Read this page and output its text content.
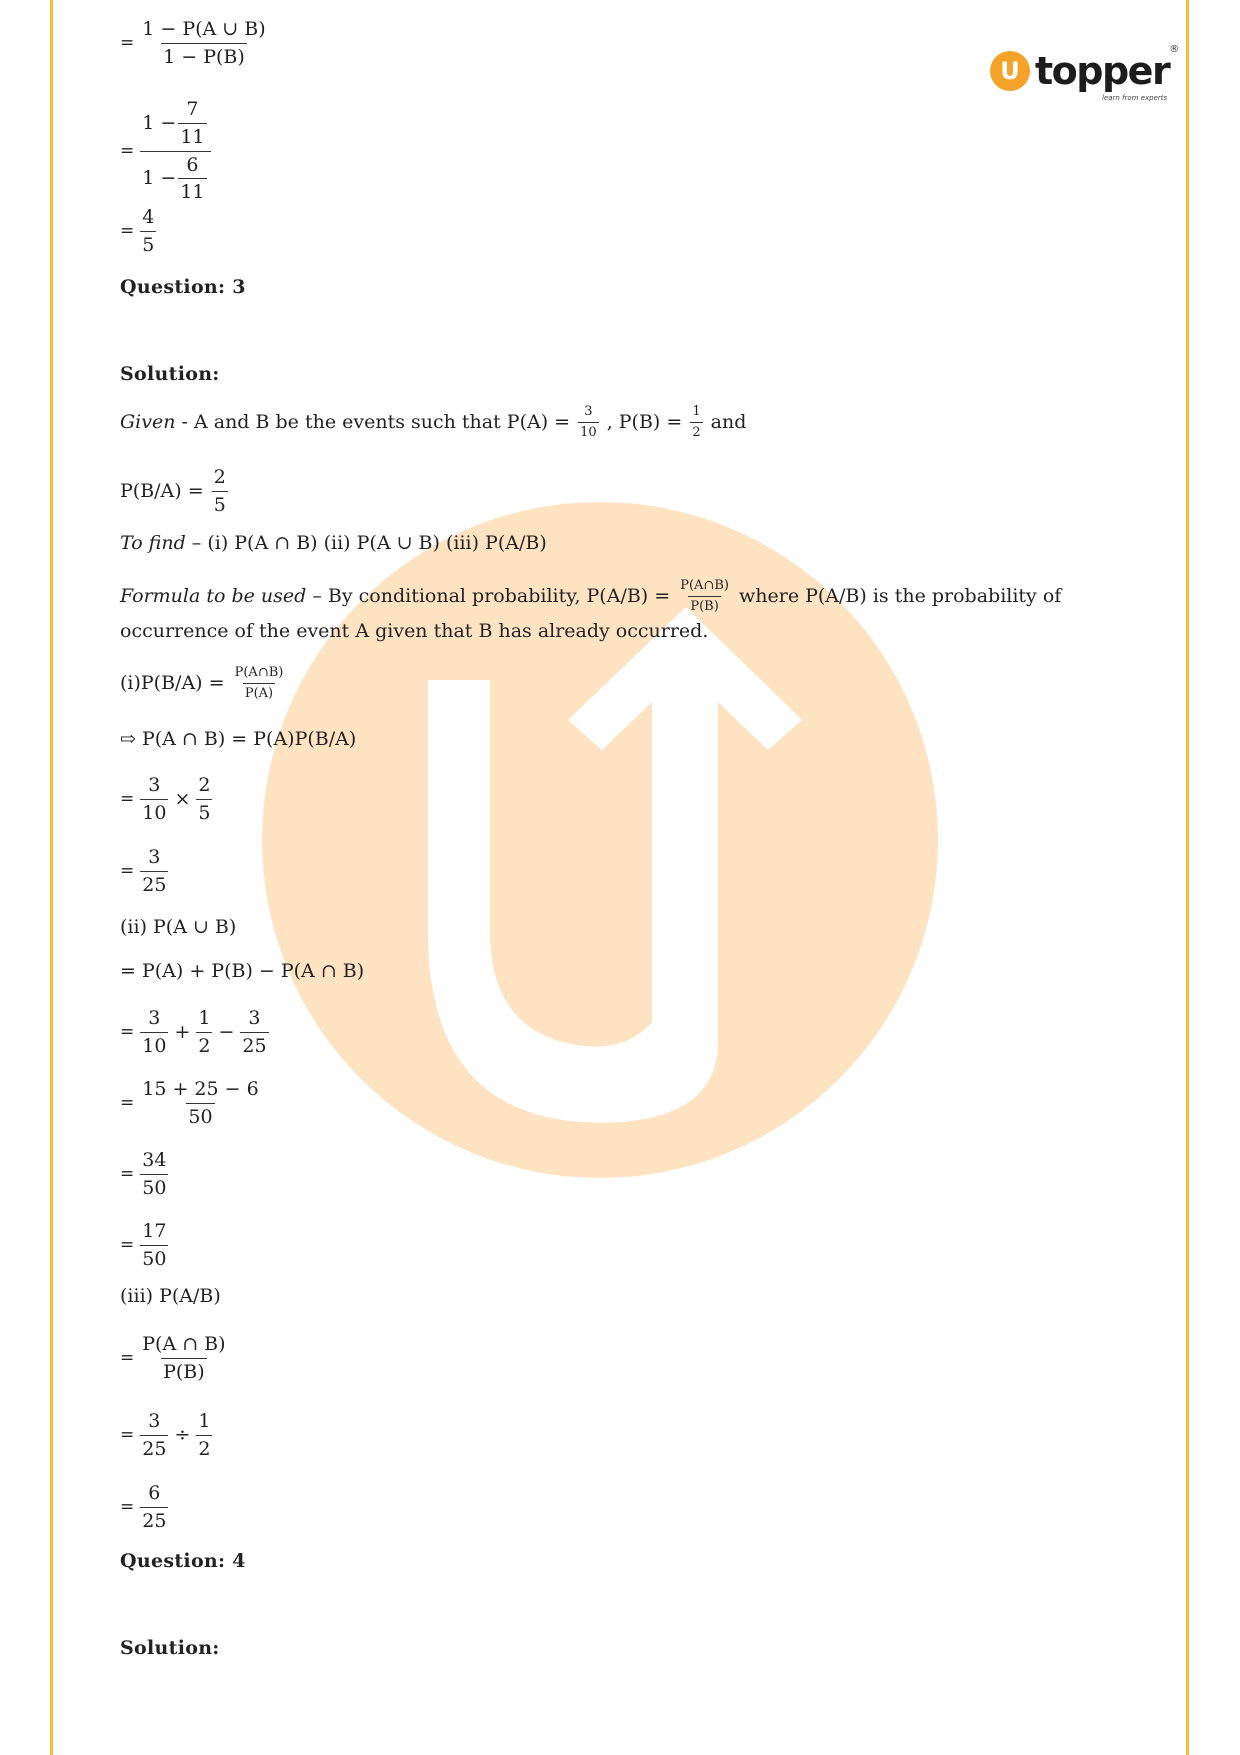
U topper ®
learn from experts
= $\frac{1 - P(A \cup B)}{1 - P(B)}$
= $\frac{1 - \frac{7}{11}}{1 - \frac{6}{11}}$
= $\frac{4}{5}$
Question: 3
Solution:
Given - A and B be the events such that $P(A) = \frac{3}{10}$ , $P(B) = \frac{1}{2}$ and
$P(B/A) = \frac{2}{5}$
To find – (i) P(A ∩ B) (ii) P(A ∪ B) (iii) P(A/B)
Formula to be used – By conditional probability, $P(A/B) = \frac{P(A\cap B)}{P(B)}$ where P(A/B) is the probability of
occurrence of the event A given that B has already occurred.
$(i)P(B/A) = \frac{P(A\cap B)}{P(A)}$
⇨ P(A ∩ B) = P(A)P(B/A)
= $\frac{3}{10} \times \frac{2}{5}$
= $\frac{3}{25}$
(ii) P(A ∪ B)
= P(A) + P(B) − P(A ∩ B)
= $\frac{3}{10} + \frac{1}{2} - \frac{3}{25}$
= $\frac{15 + 25 - 6}{50}$
= $\frac{34}{50}$
= $\frac{17}{50}$
(iii) P(A/B)
= $\frac{P(A \cap B)}{P(B)}$
= $\frac{3}{25} \div \frac{1}{2}$
= $\frac{6}{25}$
Question: 4
Solution:
